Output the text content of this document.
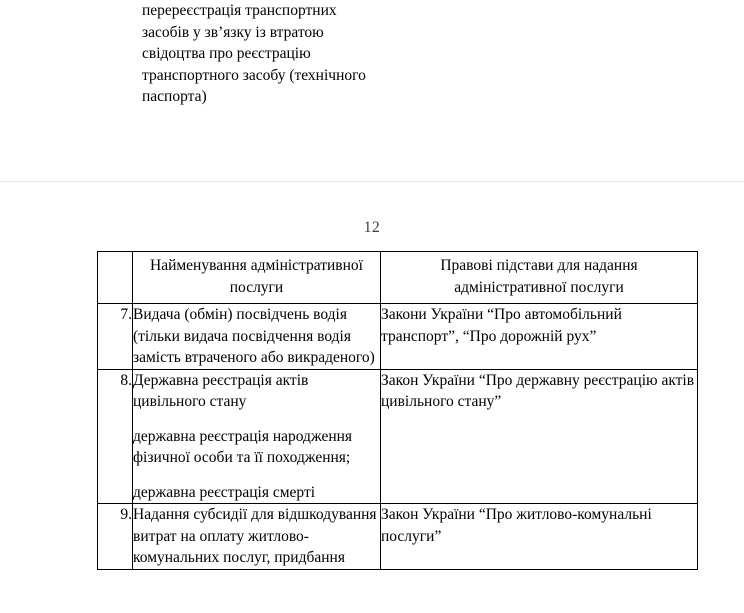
перереєстрація транспортних засобів у зв’язку із втратою свідоцтва про реєстрацію транспортного засобу (технічного паспорта)
12
	Найменування адміністративної послуги	Правові підстави для надання адміністративної послуги
7.	Видача (обмін) посвідчень водія (тільки видача посвідчення водія замість втраченого або викраденого)	Закони України “Про автомобільний транспорт”, “Про дорожній рух”
8.	Державна реєстрація актів цивільного стану
державна реєстрація народження фізичної особи та її походження;
державна реєстрація смерті	Закон України “Про державну реєстрацію актів цивільного стану”
9.	Надання субсидії для відшкодування витрат на оплату житлово-комунальних послуг, придбання	Закон України “Про житлово-комунальні послуги”
